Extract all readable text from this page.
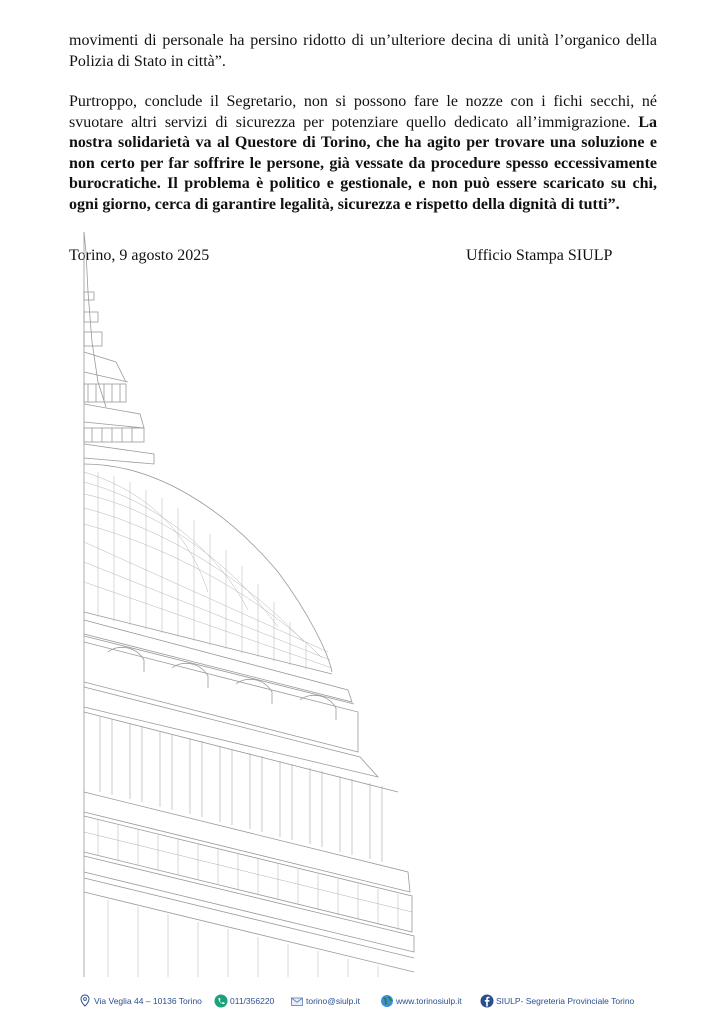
movimenti di personale ha persino ridotto di un’ulteriore decina di unità l’organico della Polizia di Stato in città”.

Purtroppo, conclude il Segretario, non si possono fare le nozze con i fichi secchi, né svuotare altri servizi di sicurezza per potenziare quello dedicato all’immigrazione. La nostra solidarietà va al Questore di Torino, che ha agito per trovare una soluzione e non certo per far soffrire le persone, già vessate da procedure spesso eccessivamente burocratiche. Il problema è politico e gestionale, e non può essere scaricato su chi, ogni giorno, cerca di garantire legalità, sicurezza e rispetto della dignità di tutti”.

Torino, 9 agosto 2025	Ufficio Stampa SIULP
Via Veglia 44 – 10136 Torino	011/356220	torino@siulp.it	www.torinosiulp.it	SIULP- Segreteria Provinciale Torino
